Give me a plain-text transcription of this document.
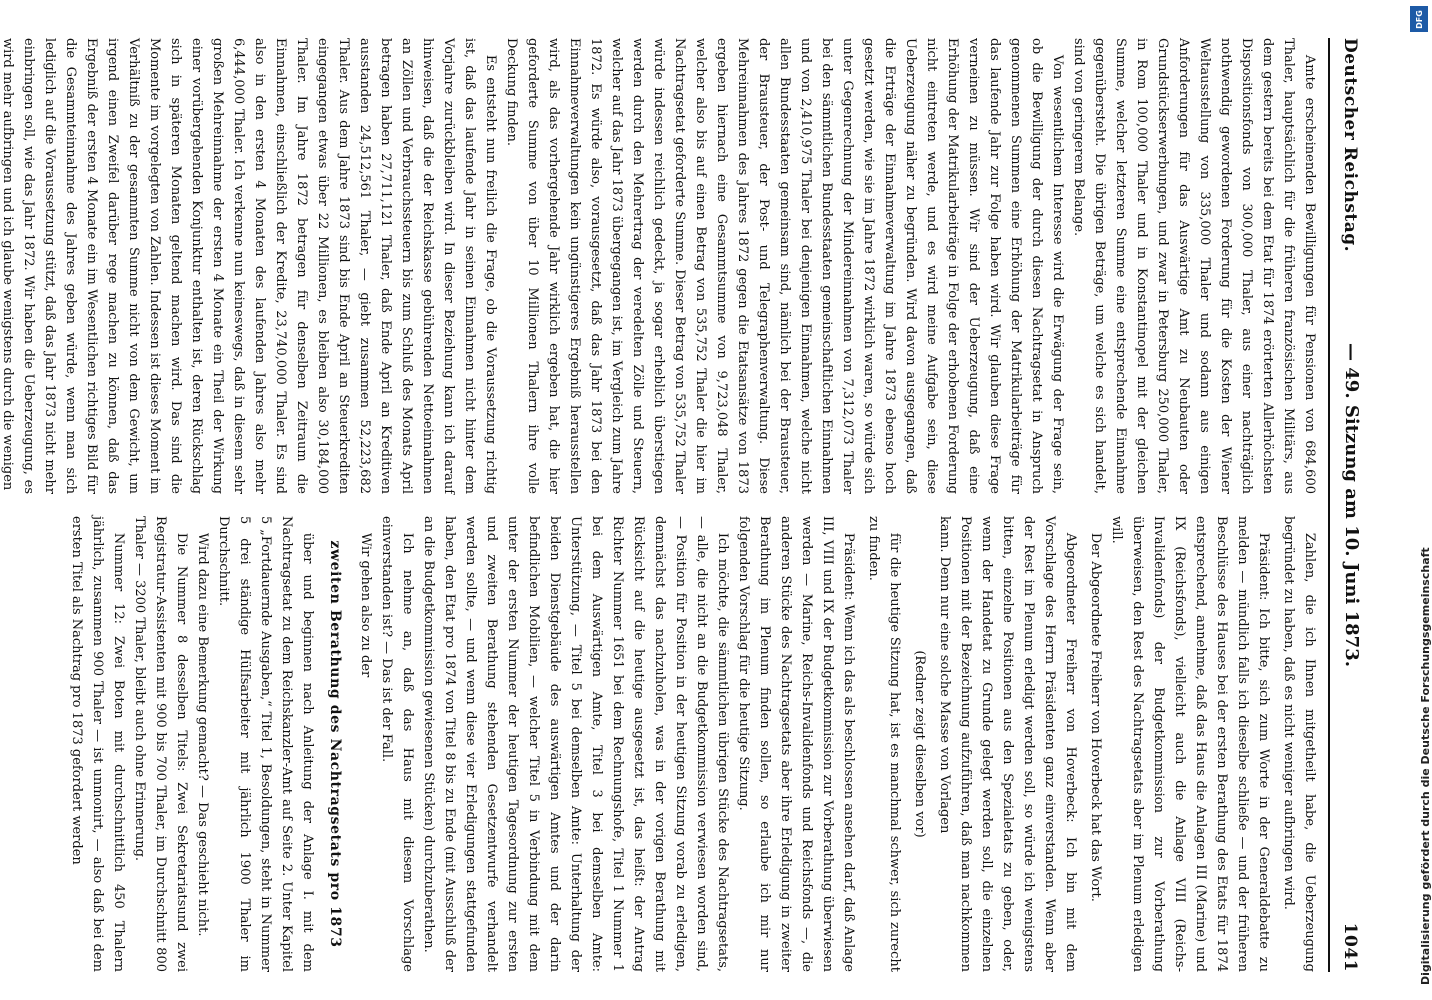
Deutscher Reichstag.
— 49. Sitzung am 10. Juni 1873.
1041

Amte erscheinenden Bewilligungen für Pensionen von 684,600 Thaler, hauptsächlich für die früheren französischen Militärs, aus dem gestern bereits bei dem Etat für 1874 erörterten Allerhöchsten Dispositionsfonds von 300,000 Thaler, aus einer nachträglich nothwendig gewordenen Forderung für die Kosten der Wiener Weltausstellung von 335,000 Thaler und sodann aus einigen Anforderungen für das Auswärtige Amt zu Neubauten oder Grundstückserwerbungen, und zwar in Petersburg 250,000 Thaler, in Rom 100,000 Thaler und in Konstantinopel mit der gleichen Summe, welcher letzteren Summe eine entsprechende Einnahme gegenübersteht. Die übrigen Beträge, um welche es sich handelt, sind von geringerem Belange.

Von wesentlichem Interesse wird die Erwägung der Frage sein, ob die Bewilligung der durch diesen Nachtragsetat in Anspruch genommenen Summen eine Erhöhung der Matrikularbeiträge für das laufende Jahr zur Folge haben wird. Wir glauben diese Frage verneinen zu müssen. Wir sind der Ueberzeugung, daß eine Erhöhung der Matrikularbeiträge in Folge der erhobenen Forderung nicht eintreten werde, und es wird meine Aufgabe sein, diese Ueberzeugung näher zu begründen. Wird davon ausgegangen, daß die Erträge der Einnahmeverwaltung im Jahre 1873 ebenso hoch gesetzt werden, wie sie im Jahre 1872 wirklich waren, so würde sich unter Gegenrechnung der Mindereinnahmen von 7,312,073 Thaler bei den sämmtlichen Bundesstaaten gemeinschaftlichen Einnahmen und von 2,410,975 Thaler bei denjenigen Einnahmen, welche nicht allen Bundesstaaten gemeinsam sind, nämlich bei der Brausteuer, der Brausteuer, der Post- und Telegraphenverwaltung. Diese Mehreinnahmen des Jahres 1872 gegen die Etatsansätze von 1873 ergeben hiernach eine Gesammtsumme von 9,723,048 Thaler, welcher also bis auf einen Betrag von 535,752 Thaler die hier im Nachtragsetat geforderte Summe. Dieser Betrag von 535,752 Thaler würde indessen reichlich gedeckt, ja sogar erheblich überstiegen werden durch den Mehrertrag der veredelten Zölle und Steuern, welcher auf das Jahr 1873 übergegangen ist, im Vergleich zum Jahre 1872. Es würde also, vorausgesetzt, daß das Jahr 1873 bei den Einnahmeverwaltungen kein ungünstigeres Ergebniß herausstellen wird, als das vorhergehende Jahr wirklich ergeben hat, die hier geforderte Summe von über 10 Millionen Thalern ihre volle Deckung finden.

Es entsteht nun freilich die Frage, ob die Voraussetzung richtig ist, daß das laufende Jahr in seinen Einnahmen nicht hinter dem Vorjahre zurückbleiben wird. In dieser Beziehung kann ich darauf hinweisen, daß die der Reichskasse gebührenden Nettoeinnahmen an Zöllen und Verbrauchssteuern bis zum Schluß des Monats April betragen haben 27,711,121 Thaler, daß Ende April an Kreditiven ausstanden 24,512,561 Thaler, — giebt zusammen 52,223,682 Thaler. Aus dem Jahre 1873 sind bis Ende April an Steuerkrediten eingegangen etwas über 22 Millionen, es bleiben also 30,184,000 Thaler. Im Jahre 1872 betragen für denselben Zeitraum die Einnahmen, einschließlich der Kredite, 23,740,000 Thaler. Es sind also in den ersten 4 Monaten des laufenden Jahres also mehr 6,444,000 Thaler. Ich verkenne nun keineswegs, daß in diesem sehr großen Mehreinnahme der ersten 4 Monate ein Theil der Wirkung einer vorübergehenden Konjunktur enthalten ist, deren Rückschlag sich in späteren Monaten geltend machen wird. Das sind die Momente im vorgelegten von Zahlen. Indessen ist dieses Moment im Verhältniß zu der gesammten Summe nicht von dem Gewicht, um irgend einen Zweifel darüber rege machen zu können, daß das Ergebniß der ersten 4 Monate ein im Wesentlichen richtiges Bild für die Gesammteinnahme des Jahres geben würde, wenn man sich lediglich auf die Voraussetzung stützt, daß das Jahr 1873 nicht mehr einbringen soll, wie das Jahr 1872. Wir haben die Ueberzeugung, es wird mehr aufbringen und ich glaube wenigstens durch die wenigen

Zahlen, die ich Ihnen mitgetheilt habe, die Ueberzeugung begründet zu haben, daß es nicht weniger aufbringen wird.

Präsident: Ich bitte, sich zum Worte in der Generaldebatte zu melden — mündlich falls ich dieselbe schließe — und der früheren Beschlüsse des Hauses bei der ersten Berathung des Etats für 1874 entsprechend, annehme, daß das Haus die Anlagen III (Marine) und IX (Reichsfonds), vielleicht auch die Anlage VIII (Reichs-Invalidenfonds) der Budgetkommission zur Vorberathung überweisen, den Rest des Nachtragsetats aber im Plenum erledigen will.

Der Abgeordnete Freiherr von Hoverbeck hat das Wort.

Abgeordneter Freiherr von Hoverbeck: Ich bin mit dem Vorschlage des Herrn Präsidenten ganz einverstanden. Wenn aber der Rest im Plenum erledigt werden soll, so würde ich wenigstens bitten, einzelne Positionen aus den Spezialetats zu geben, oder, wenn der Handetat zu Grunde gelegt werden soll, die einzelnen Positionen mit der Bezeichnung aufzuführen, daß man nachkommen kann. Denn nur eine solche Masse von Vorlagen

(Redner zeigt dieselben vor)

für die heutige Sitzung hat, ist es manchmal schwer, sich zurecht zu finden.

Präsident: Wenn ich das als beschlossen ansehen darf, daß Anlage III, VIII und IX der Budgetkommission zur Vorberathung überwiesen werden — Marine, Reichs-Invalidenfonds und Reichsfonds —, die anderen Stücke des Nachtragsetats aber ihre Erledigung in zweiter Berathung im Plenum finden sollen, so erlaube ich mir nur folgenden Vorschlag für die heutige Sitzung.

Ich möchte, die sämmtlichen übrigen Stücke des Nachtragsetats, — alle, die nicht an die Budgetkommission verwiesen worden sind, — Position für Position in der heutigen Sitzung vorab zu erledigen, demnächst das nachzuholen, was in der vorigen Berathung mit Rücksicht auf die heutige ausgesetzt ist, das heißt: der Antrag Richter Nummer 1651 bei dem Rechnungshofe, Titel 1 Nummer 1 bei dem Auswärtigen Amte, Titel 3 bei demselben Amte: Unterstützung, — Titel 5 bei demselben Amte: Unterhaltung der beiden Dienstgebäude des auswärtigen Amtes und der darin befindlichen Mobilien, — welcher Titel 5 in Verbindung mit dem unter der ersten Nummer der heutigen Tagesordnung zur ersten und zweiten Berathung stehenden Gesetzentwurfe verhandelt werden sollte, — und wenn diese vier Erledigungen stattgefunden haben, den Etat pro 1874 von Titel 8 bis zu Ende (mit Ausschluß der an die Budgetkommission gewiesenen Stücken) durchzuberathen.

Ich nehme an, daß das Haus mit diesem Vorschlage einverstanden ist? — Das ist der Fall.

Wir gehen also zu der

zweiten Berathung des Nachtragsetats pro 1873

über und beginnen nach Anleitung der Anlage I. mit dem Nachtragsetat zu dem Reichskanzler-Amt auf Seite 2. Unter Kapitel 5 „Fortdauernde Ausgaben,“ Titel 1, Besoldungen, steht in Nummer 5 drei ständige Hülfsarbeiter mit jährlich 1900 Thaler im Durchschnitt.

Wird dazu eine Bemerkung gemacht? — Das geschieht nicht.

Die Nummer 8 desselben Titels: Zwei Sekretariatsund zwei Registratur-Assistenten mit 900 bis 700 Thaler, im Durchschnitt 800 Thaler — 3200 Thaler, bleibt auch ohne Erinnerung.

Nummer 12: Zwei Boten mit durchschnittlich 450 Thalern jährlich, zusammen 900 Thaler — ist unmonirt, — also daß bei dem ersten Titel als Nachtrag pro 1873 gefordert werden

DFG
Digitalisierung gefördert durch die Deutsche Forschungsgemeinschaft
